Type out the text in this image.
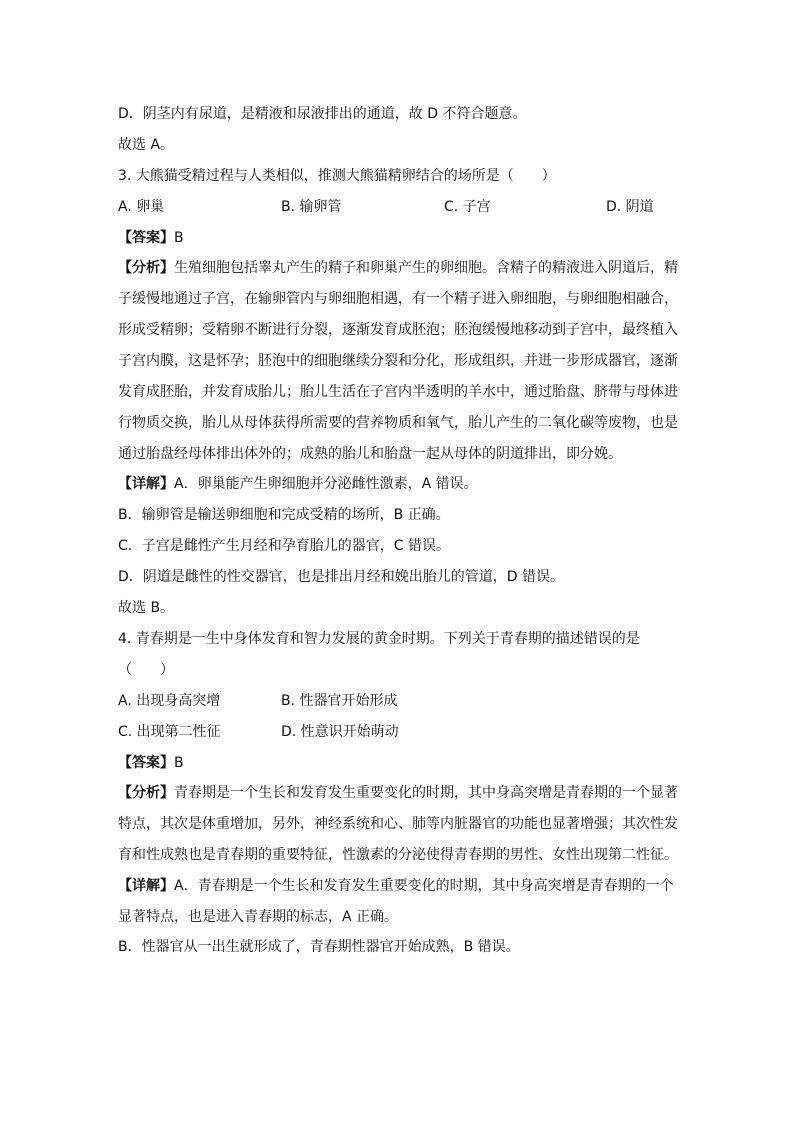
D．阴茎内有尿道，是精液和尿液排出的通道，故 D 不符合题意。
故选 A。
3. 大熊猫受精过程与人类相似，推测大熊猫精卵结合的场所是（　　）
A. 卵巢	B. 输卵管	C. 子宫	D. 阴道
【答案】B

【分析】生殖细胞包括睾丸产生的精子和卵巢产生的卵细胞。含精子的精液进入阴道后，精子缓慢地通过子宫，在输卵管内与卵细胞相遇，有一个精子进入卵细胞，与卵细胞相融合，形成受精卵；受精卵不断进行分裂，逐渐发育成胚泡；胚泡缓慢地移动到子宫中，最终植入子宫内膜，这是怀孕；胚泡中的细胞继续分裂和分化，形成组织，并进一步形成器官，逐渐发育成胚胎，并发育成胎儿；胎儿生活在子宫内半透明的羊水中，通过胎盘、脐带与母体进行物质交换，胎儿从母体获得所需要的营养物质和氧气，胎儿产生的二氧化碳等废物，也是通过胎盘经母体排出体外的；成熟的胎儿和胎盘一起从母体的阴道排出，即分娩。

【详解】A．卵巢能产生卵细胞并分泌雌性激素，A 错误。
B．输卵管是输送卵细胞和完成受精的场所，B 正确。
C．子宫是雌性产生月经和孕育胎儿的器官，C 错误。
D．阴道是雌性的性交器官，也是排出月经和娩出胎儿的管道，D 错误。
故选 B。
4. 青春期是一生中身体发育和智力发展的黄金时期。下列关于青春期的描述错误的是
（　　）
A. 出现身高突增	B. 性器官开始形成
C. 出现第二性征	D. 性意识开始萌动
【答案】B

【分析】青春期是一个生长和发育发生重要变化的时期，其中身高突增是青春期的一个显著特点，其次是体重增加，另外，神经系统和心、肺等内脏器官的功能也显著增强；其次性发育和性成熟也是青春期的重要特征，性激素的分泌使得青春期的男性、女性出现第二性征。

【详解】A．青春期是一个生长和发育发生重要变化的时期，其中身高突增是青春期的一个显著特点，也是进入青春期的标志，A 正确。

B．性器官从一出生就形成了，青春期性器官开始成熟，B 错误。
